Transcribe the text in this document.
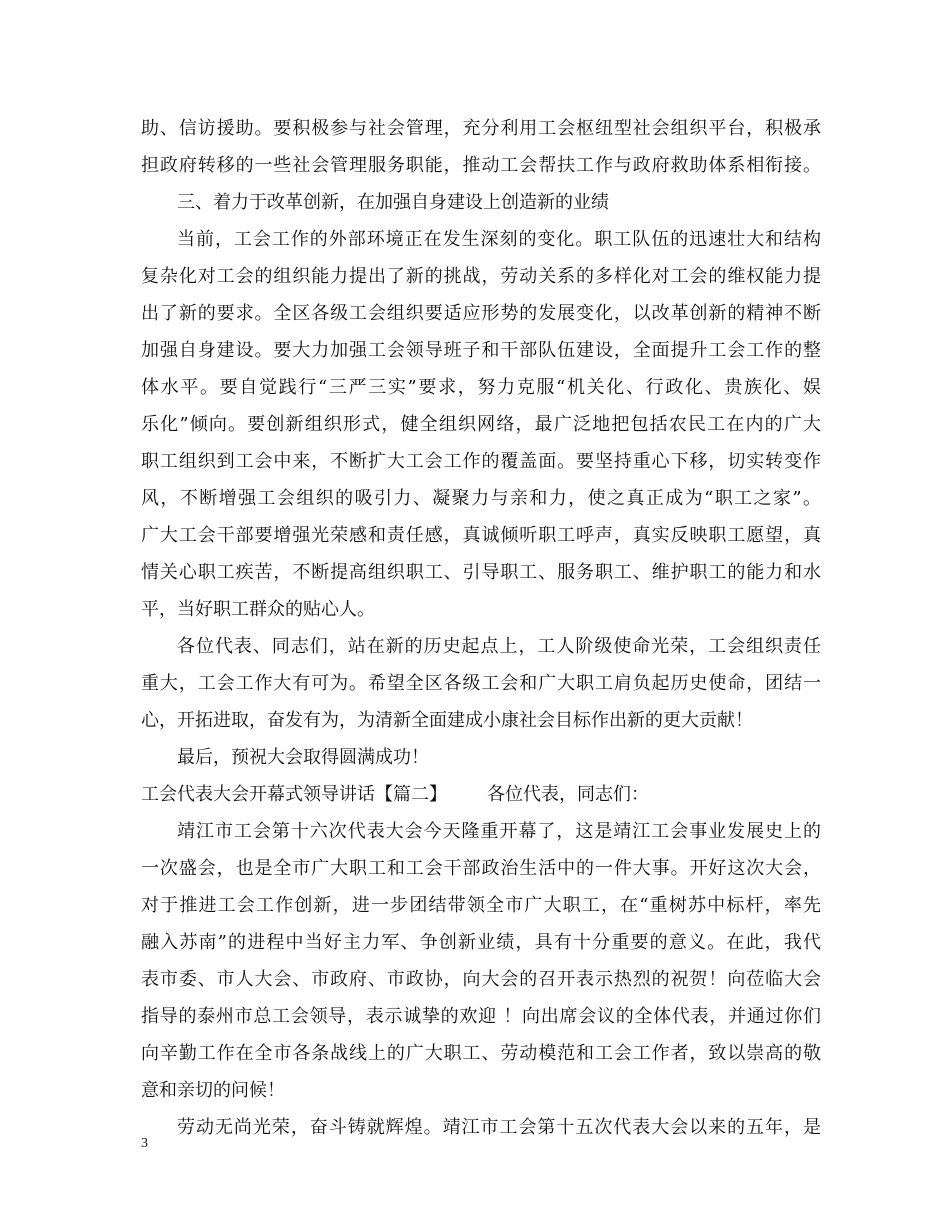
助、信访援助。要积极参与社会管理，充分利用工会枢纽型社会组织平台，积极承
担政府转移的一些社会管理服务职能，推动工会帮扶工作与政府救助体系相衔接。
三、着力于改革创新，在加强自身建设上创造新的业绩
当前，工会工作的外部环境正在发生深刻的变化。职工队伍的迅速壮大和结构
复杂化对工会的组织能力提出了新的挑战，劳动关系的多样化对工会的维权能力提
出了新的要求。全区各级工会组织要适应形势的发展变化，以改革创新的精神不断
加强自身建设。要大力加强工会领导班子和干部队伍建设，全面提升工会工作的整
体水平。要自觉践行“三严三实”要求，努力克服“机关化、行政化、贵族化、娱
乐化”倾向。要创新组织形式，健全组织网络，最广泛地把包括农民工在内的广大
职工组织到工会中来，不断扩大工会工作的覆盖面。要坚持重心下移，切实转变作
风，不断增强工会组织的吸引力、凝聚力与亲和力，使之真正成为“职工之家”。
广大工会干部要增强光荣感和责任感，真诚倾听职工呼声，真实反映职工愿望，真
情关心职工疾苦，不断提高组织职工、引导职工、服务职工、维护职工的能力和水
平，当好职工群众的贴心人。
各位代表、同志们，站在新的历史起点上，工人阶级使命光荣，工会组织责任
重大，工会工作大有可为。希望全区各级工会和广大职工肩负起历史使命，团结一
心，开拓进取，奋发有为，为清新全面建成小康社会目标作出新的更大贡献！
最后，预祝大会取得圆满成功！
工会代表大会开幕式领导讲话【篇二】 各位代表，同志们：
靖江市工会第十六次代表大会今天隆重开幕了，这是靖江工会事业发展史上的
一次盛会，也是全市广大职工和工会干部政治生活中的一件大事。开好这次大会，
对于推进工会工作创新，进一步团结带领全市广大职工，在“重树苏中标杆，率先
融入苏南”的进程中当好主力军、争创新业绩，具有十分重要的意义。在此，我代
表市委、市人大会、市政府、市政协，向大会的召开表示热烈的祝贺！向莅临大会
指导的泰州市总工会领导，表示诚挚的欢迎 ！向出席会议的全体代表，并通过你们
向辛勤工作在全市各条战线上的广大职工、劳动模范和工会工作者，致以崇高的敬
意和亲切的问候！
劳动无尚光荣，奋斗铸就辉煌。靖江市工会第十五次代表大会以来的五年，是
3
